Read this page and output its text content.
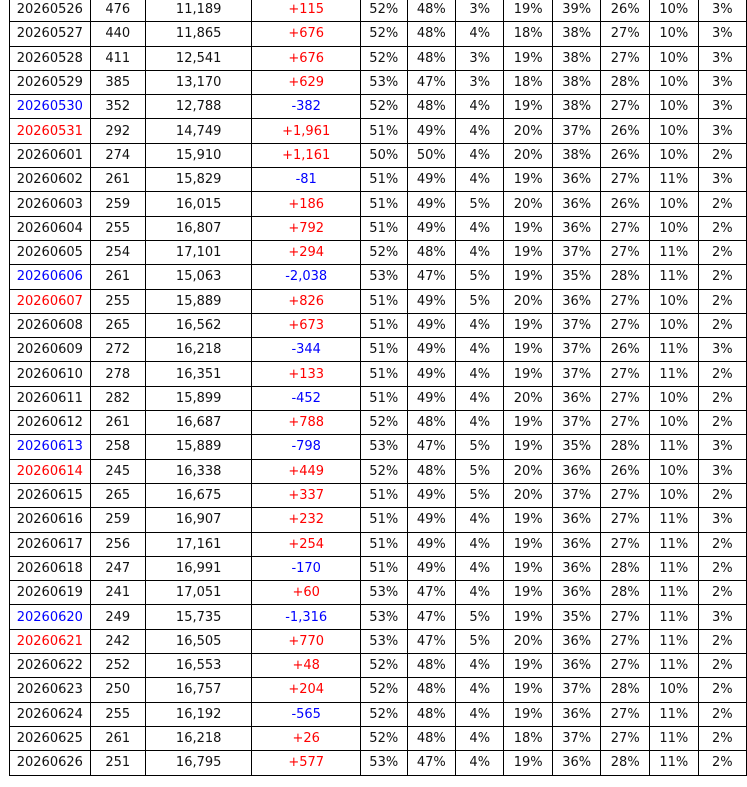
20260526	476	11,189	+115	52%	48%	3%	19%	39%	26%	10%	3%
20260527	440	11,865	+676	52%	48%	4%	18%	38%	27%	10%	3%
20260528	411	12,541	+676	52%	48%	3%	19%	38%	27%	10%	3%
20260529	385	13,170	+629	53%	47%	3%	18%	38%	28%	10%	3%
20260530	352	12,788	-382	52%	48%	4%	19%	38%	27%	10%	3%
20260531	292	14,749	+1,961	51%	49%	4%	20%	37%	26%	10%	3%
20260601	274	15,910	+1,161	50%	50%	4%	20%	38%	26%	10%	2%
20260602	261	15,829	-81	51%	49%	4%	19%	36%	27%	11%	3%
20260603	259	16,015	+186	51%	49%	5%	20%	36%	26%	10%	2%
20260604	255	16,807	+792	51%	49%	4%	19%	36%	27%	10%	2%
20260605	254	17,101	+294	52%	48%	4%	19%	37%	27%	11%	2%
20260606	261	15,063	-2,038	53%	47%	5%	19%	35%	28%	11%	2%
20260607	255	15,889	+826	51%	49%	5%	20%	36%	27%	10%	2%
20260608	265	16,562	+673	51%	49%	4%	19%	37%	27%	10%	2%
20260609	272	16,218	-344	51%	49%	4%	19%	37%	26%	11%	3%
20260610	278	16,351	+133	51%	49%	4%	19%	37%	27%	11%	2%
20260611	282	15,899	-452	51%	49%	4%	20%	36%	27%	10%	2%
20260612	261	16,687	+788	52%	48%	4%	19%	37%	27%	10%	2%
20260613	258	15,889	-798	53%	47%	5%	19%	35%	28%	11%	3%
20260614	245	16,338	+449	52%	48%	5%	20%	36%	26%	10%	3%
20260615	265	16,675	+337	51%	49%	5%	20%	37%	27%	10%	2%
20260616	259	16,907	+232	51%	49%	4%	19%	36%	27%	11%	3%
20260617	256	17,161	+254	51%	49%	4%	19%	36%	27%	11%	2%
20260618	247	16,991	-170	51%	49%	4%	19%	36%	28%	11%	2%
20260619	241	17,051	+60	53%	47%	4%	19%	36%	28%	11%	2%
20260620	249	15,735	-1,316	53%	47%	5%	19%	35%	27%	11%	3%
20260621	242	16,505	+770	53%	47%	5%	20%	36%	27%	11%	2%
20260622	252	16,553	+48	52%	48%	4%	19%	36%	27%	11%	2%
20260623	250	16,757	+204	52%	48%	4%	19%	37%	28%	10%	2%
20260624	255	16,192	-565	52%	48%	4%	19%	36%	27%	11%	2%
20260625	261	16,218	+26	52%	48%	4%	18%	37%	27%	11%	2%
20260626	251	16,795	+577	53%	47%	4%	19%	36%	28%	11%	2%
